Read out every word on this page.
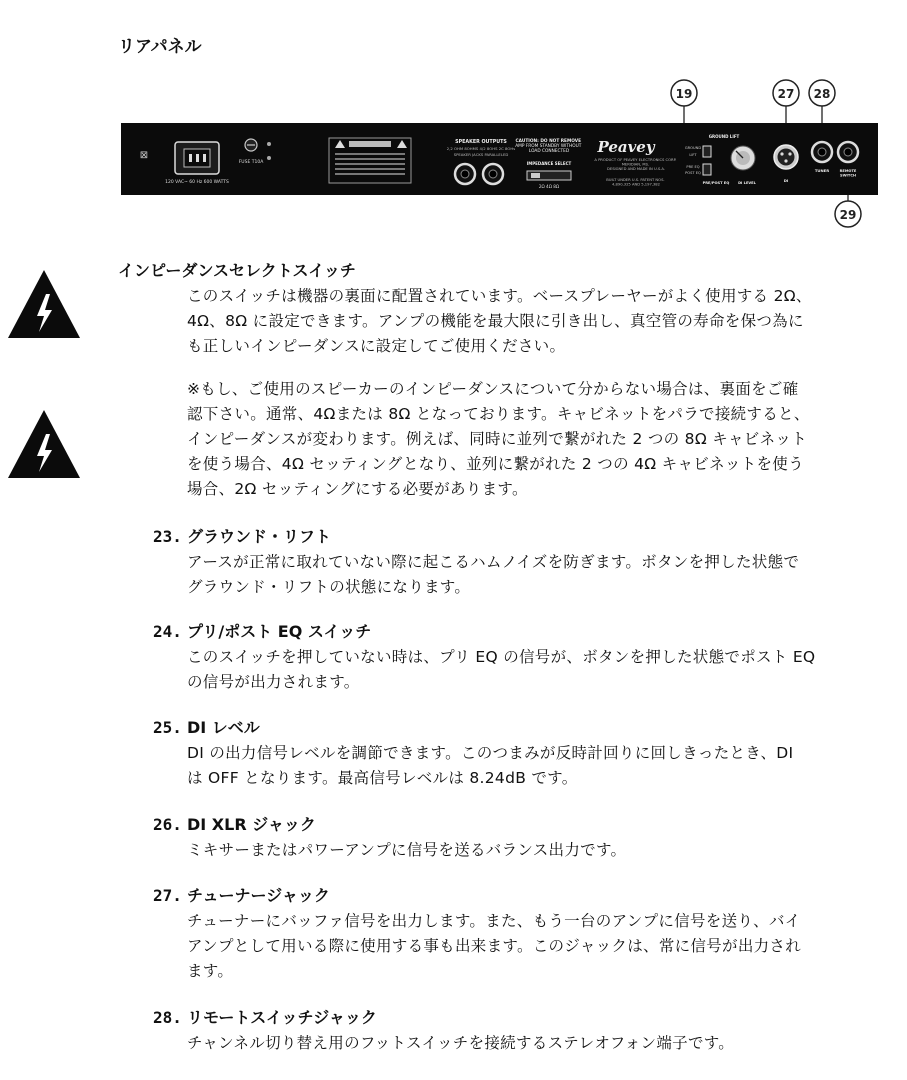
リアパネル
120 VAC~ 60 Hz 600 WATTS
⊠
FUSE T10A
SPEAKER OUTPUTS
2,2 OHM 8OHMS 4/2 8OHS 2C 8OHs
SPEAKER JACKS PARALLELED
CAUTION: DO NOT REMOVE AMP FROM STANDBY WITHOUT LOAD CONNECTED
IMPEDANCE SELECT
2Ω 4Ω 8Ω
Peavey
A PRODUCT OF PEAVEY ELECTRONICS CORP. MERIDIAN, MS. DESIGNED AND MADE IN U.S.A.
BUILT UNDER U.S. PATENT NOS. 4,890,325 AND 5,197,382
GROUND LIFT
GROUND
LIFT
PRE EQ
POST EQ
PRE/POST EQ DI LEVEL	DI
TUNER	REMOTE SWITCH
19	27 28
29
インピーダンスセレクトスイッチ
このスイッチは機器の裏面に配置されています。ベースプレーヤーがよく使用する 2Ω、
4Ω、8Ω に設定できます。アンプの機能を最大限に引き出し、真空管の寿命を保つ為に
も正しいインピーダンスに設定してご使用ください。
※もし、ご使用のスピーカーのインピーダンスについて分からない場合は、裏面をご確
認下さい。通常、4Ωまたは 8Ω となっております。キャビネットをパラで接続すると、
インピーダンスが変わります。例えば、同時に並列で繋がれた 2 つの 8Ω キャビネット
を使う場合、4Ω セッティングとなり、並列に繋がれた 2 つの 4Ω キャビネットを使う
場合、2Ω セッティングにする必要があります。
23. グラウンド・リフト
アースが正常に取れていない際に起こるハムノイズを防ぎます。ボタンを押した状態で
グラウンド・リフトの状態になります。
24. プリ/ポスト EQ スイッチ
このスイッチを押していない時は、プリ EQ の信号が、ボタンを押した状態でポスト EQ
の信号が出力されます。
25. DI レベル
DI の出力信号レベルを調節できます。このつまみが反時計回りに回しきったとき、DI
は OFF となります。最高信号レベルは 8.24dB です。
26. DI XLR ジャック
ミキサーまたはパワーアンプに信号を送るバランス出力です。
27. チューナージャック
チューナーにバッファ信号を出力します。また、もう一台のアンプに信号を送り、バイ
アンプとして用いる際に使用する事も出来ます。このジャックは、常に信号が出力され
ます。
28. リモートスイッチジャック
チャンネル切り替え用のフットスイッチを接続するステレオフォン端子です。
